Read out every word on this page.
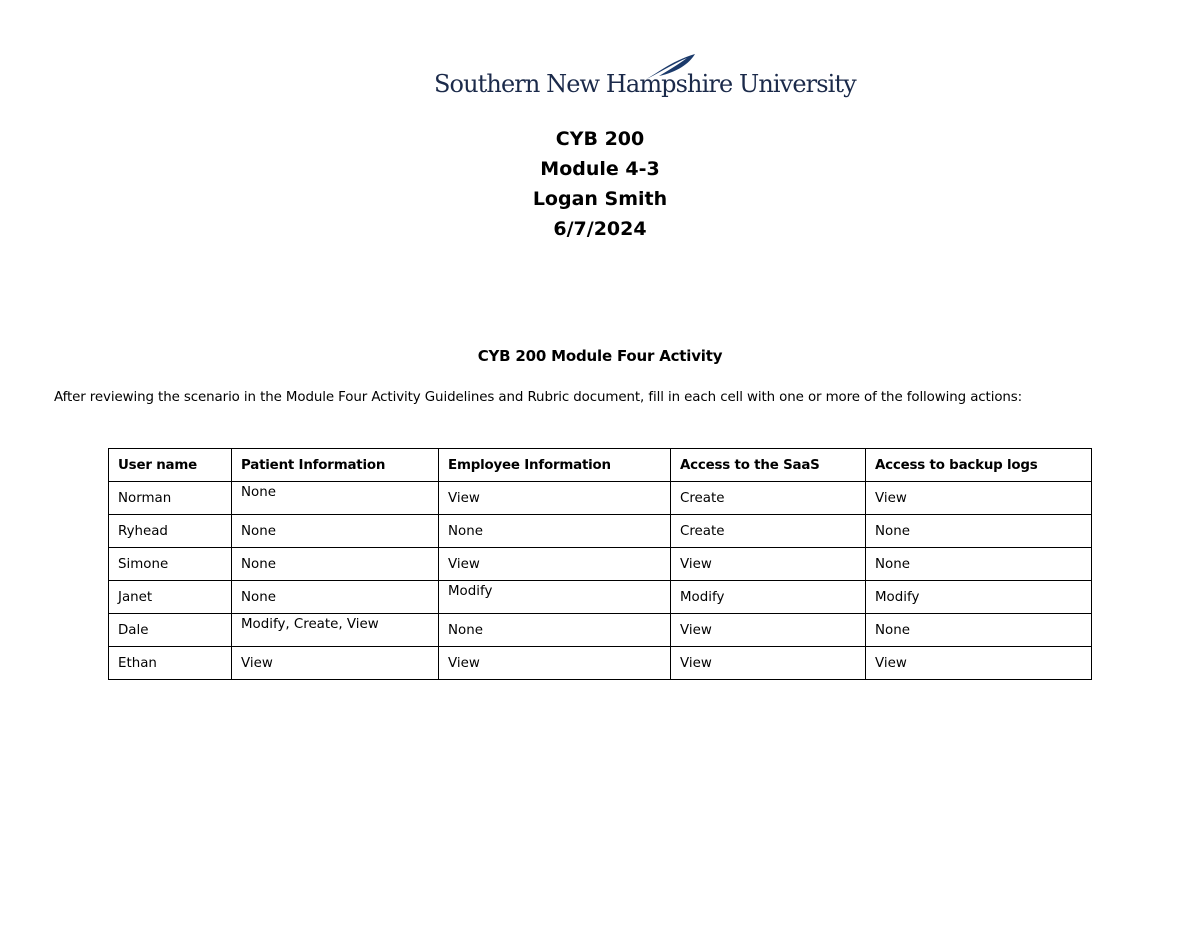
Southern New Hampshire University
CYB 200
Module 4-3
Logan Smith
6/7/2024
CYB 200 Module Four Activity
After reviewing the scenario in the Module Four Activity Guidelines and Rubric document, fill in each cell with one or more of the following actions:
User name	Patient Information	Employee Information	Access to the SaaS	Access to backup logs
Norman	None	View	Create	View
Ryhead	None	None	Create	None
Simone	None	View	View	None
Janet	None	Modify	Modify	Modify
Dale	Modify, Create, View	None	View	None
Ethan	View	View	View	View
